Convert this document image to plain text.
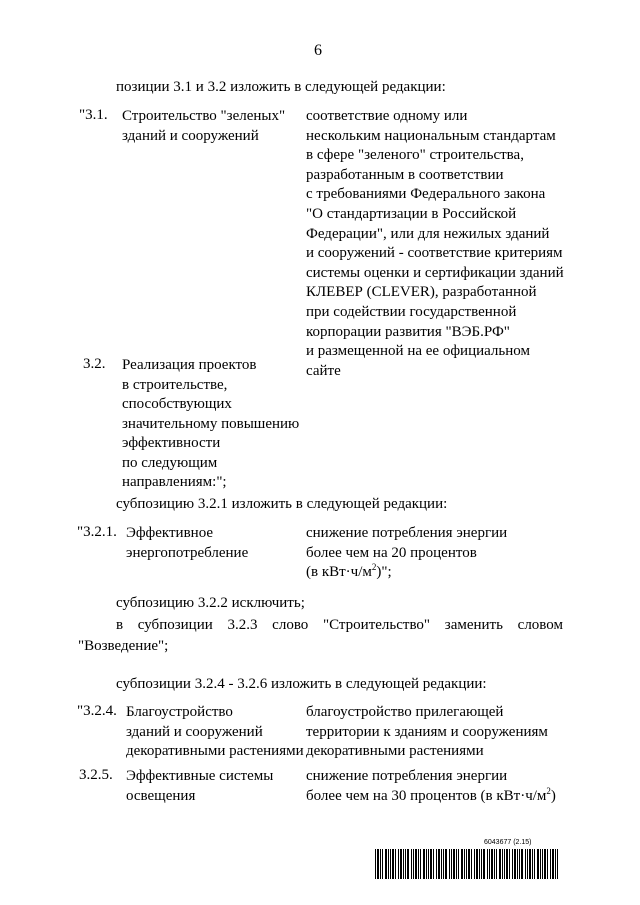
6
позиции 3.1 и 3.2 изложить в следующей редакции:
"3.1. Строительство "зеленых"
зданий и сооружений
соответствие одному или
нескольким национальным стандартам
в сфере "зеленого" строительства,
разработанным в соответствии
с требованиями Федерального закона
"О стандартизации в Российской
Федерации", или для нежилых зданий
и сооружений - соответствие критериям
системы оценки и сертификации зданий
КЛЕВЕР (CLEVER), разработанной
при содействии государственной
корпорации развития "ВЭБ.РФ"
и размещенной на ее официальном
сайте
3.2. Реализация проектов
в строительстве,
способствующих
значительному повышению
эффективности
по следующим
направлениям:";
субпозицию 3.2.1 изложить в следующей редакции:
"3.2.1. Эффективное
энергопотребление
снижение потребления энергии
более чем на 20 процентов
(в $кВт\cdot ч/м^2$)";
субпозицию 3.2.2 исключить;
в субпозиции 3.2.3 слово "Строительство" заменить словом
"Возведение";
субпозиции 3.2.4 - 3.2.6 изложить в следующей редакции:
"3.2.4. Благоустройство
зданий и сооружений
декоративными растениями
благоустройство прилегающей
территории к зданиям и сооружениям
декоративными растениями
3.2.5. Эффективные системы
освещения
снижение потребления энергии
более чем на 30 процентов (в $кВт\cdot ч/м^2$)
6043677 (2.15)
